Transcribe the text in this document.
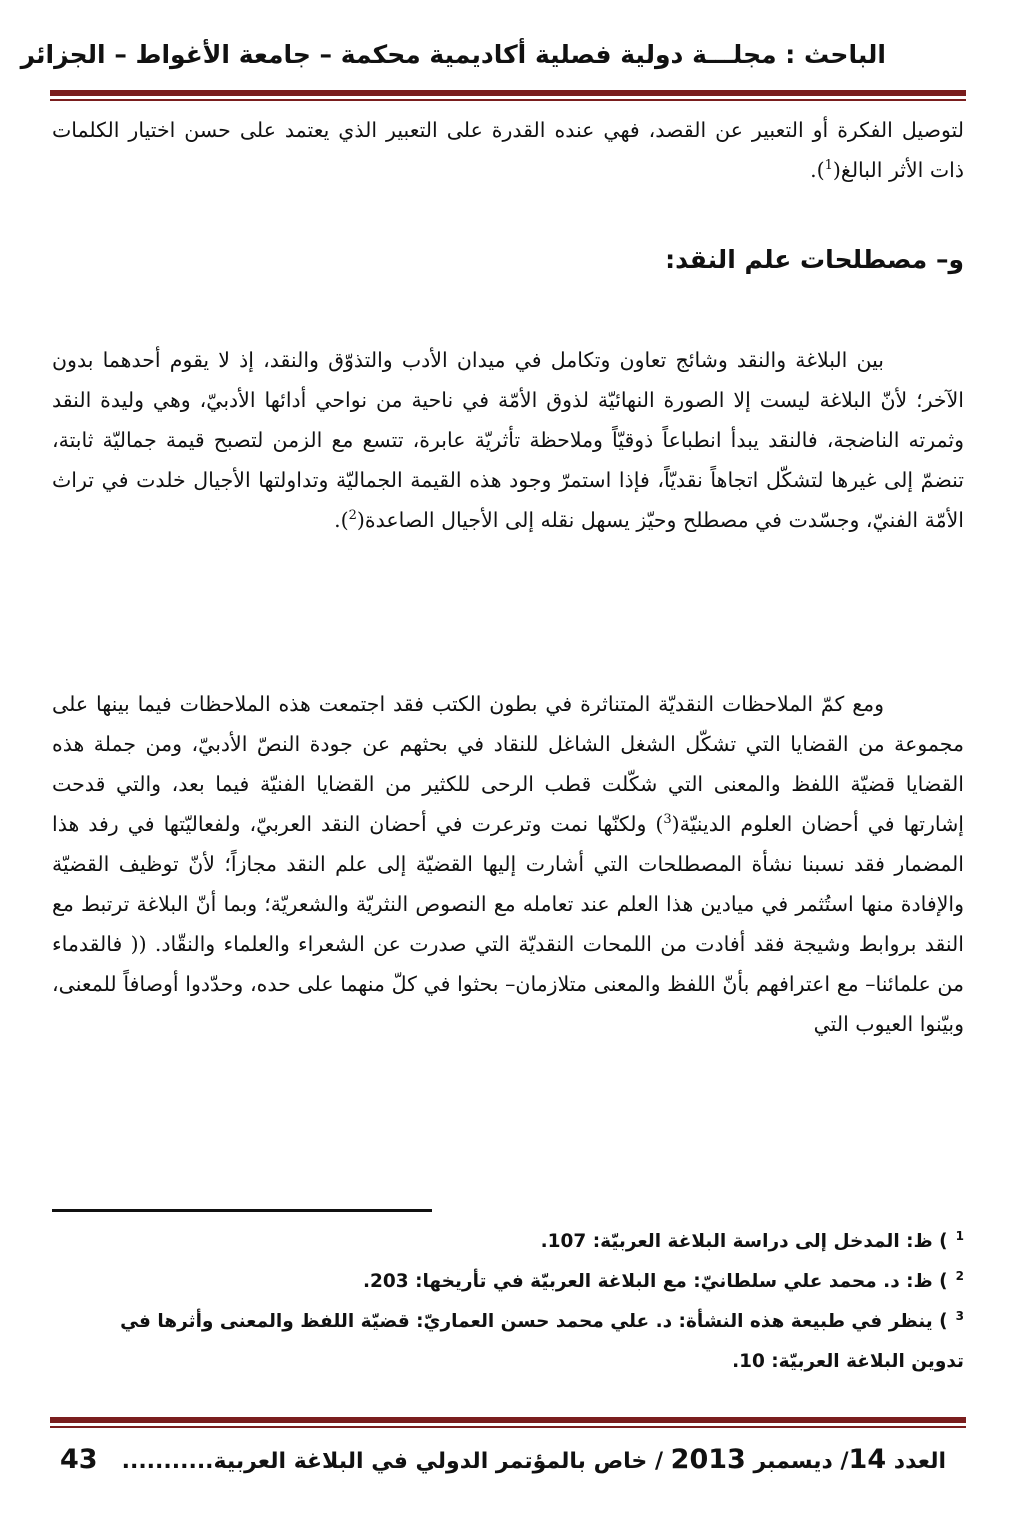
الباحث : مجلـــة دولية فصلية أكاديمية محكمة – جامعة الأغواط – الجزائر

لتوصيل الفكرة أو التعبير عن القصد، فهي عنده القدرة على التعبير الذي يعتمد على حسن اختيار الكلمات ذات الأثر البالغ($^1$).

و– مصطلحات علم النقد:

بين البلاغة والنقد وشائج تعاون وتكامل في ميدان الأدب والتذوّق والنقد، إذ لا يقوم أحدهما بدون الآخر؛ لأنّ البلاغة ليست إلا الصورة النهائيّة لذوق الأمّة في ناحية من نواحي أدائها الأدبيّ، وهي وليدة النقد وثمرته الناضجة، فالنقد يبدأ انطباعاً ذوقيّاً وملاحظة تأثريّة عابرة، تتسع مع الزمن لتصبح قيمة جماليّة ثابتة، تنضمّ إلى غيرها لتشكّل اتجاهاً نقديّاً، فإذا استمرّ وجود هذه القيمة الجماليّة وتداولتها الأجيال خلدت في تراث الأمّة الفنيّ، وجسّدت في مصطلح وحيّز يسهل نقله إلى الأجيال الصاعدة($^2$).

ومع كمّ الملاحظات النقديّة المتناثرة في بطون الكتب فقد اجتمعت هذه الملاحظات فيما بينها على مجموعة من القضايا التي تشكّل الشغل الشاغل للنقاد في بحثهم عن جودة النصّ الأدبيّ، ومن جملة هذه القضايا قضيّة اللفظ والمعنى التي شكّلت قطب الرحى للكثير من القضايا الفنيّة فيما بعد، والتي قدحت إشارتها في أحضان العلوم الدينيّة($^3$) ولكنّها نمت وترعرت في أحضان النقد العربيّ، ولفعاليّتها في رفد هذا المضمار فقد نسبنا نشأة المصطلحات التي أشارت إليها القضيّة إلى علم النقد مجازاً؛ لأنّ توظيف القضيّة والإفادة منها استُثمر في ميادين هذا العلم عند تعامله مع النصوص النثريّة والشعريّة؛ وبما أنّ البلاغة ترتبط مع النقد بروابط وشيجة فقد أفادت من اللمحات النقديّة التي صدرت عن الشعراء والعلماء والنقّاد. (( فالقدماء من علمائنا– مع اعترافهم بأنّ اللفظ والمعنى متلازمان– بحثوا في كلّ منهما على حده، وحدّدوا أوصافاً للمعنى، وبيّنوا العيوب التي

$^1$) ظ: المدخل إلى دراسة البلاغة العربيّة: 107.

$^2$) ظ: د. محمد علي سلطانيّ: مع البلاغة العربيّة في تأريخها: 203.

$^3$) ينظر في طبيعة هذه النشأة: د. علي محمد حسن العماريّ: قضيّة اللفظ والمعنى وأثرها في تدوين البلاغة العربيّة: 10.

العدد 14/ ديسمبر 2013 / خاص بالمؤتمر الدولي في البلاغة العربية...........
43
